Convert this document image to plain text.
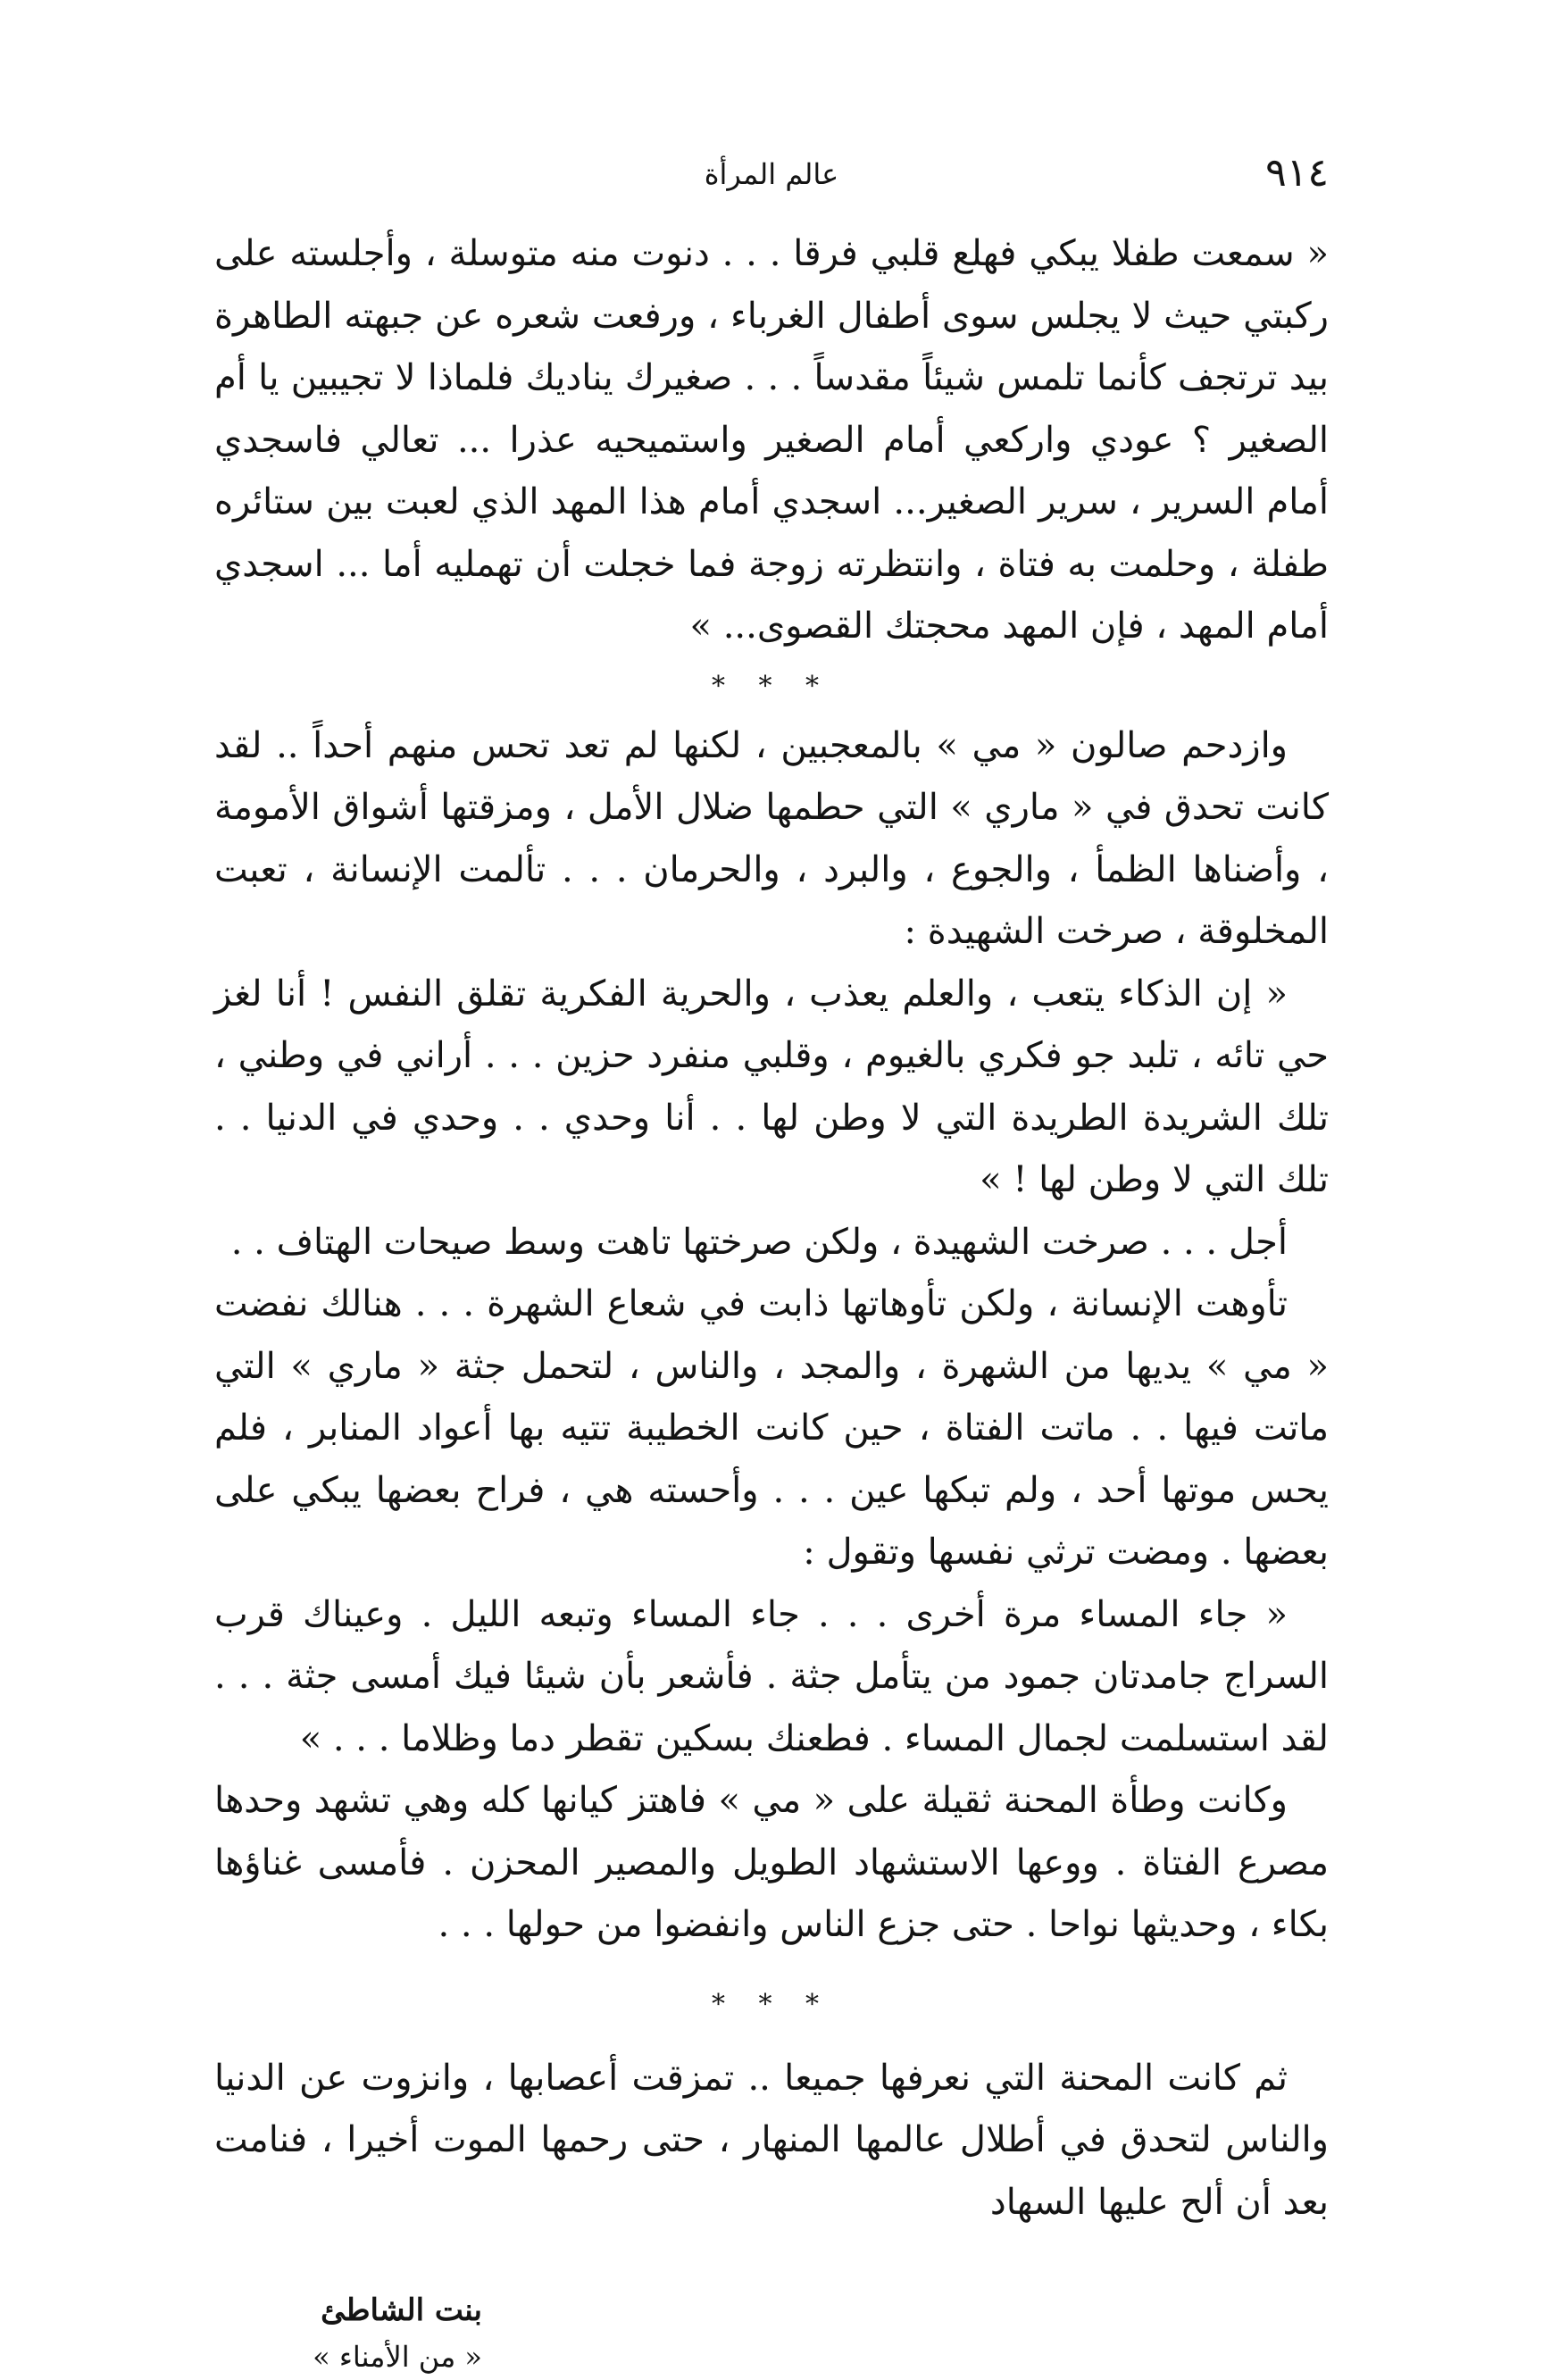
٩١٤
عالم المرأة

« سمعت طفلا يبكي فهلع قلبي فرقا . . . دنوت منه متوسلة ، وأجلسته على ركبتي حيث لا يجلس سوى أطفال الغرباء ، ورفعت شعره عن جبهته الطاهرة بيد ترتجف كأنما تلمس شيئاً مقدساً . . . صغيرك يناديك فلماذا لا تجيبين يا أم الصغير ؟ عودي واركعي أمام الصغير واستميحيه عذرا ... تعالي فاسجدي أمام السرير ، سرير الصغير... اسجدي أمام هذا المهد الذي لعبت بين ستائره طفلة ، وحلمت به فتاة ، وانتظرته زوجة فما خجلت أن تهمليه أما ... اسجدي أمام المهد ، فإن المهد محجتك القصوى... »

* * *

وازدحم صالون « مي » بالمعجبين ، لكنها لم تعد تحس منهم أحداً .. لقد كانت تحدق في « ماري » التي حطمها ضلال الأمل ، ومزقتها أشواق الأمومة ، وأضناها الظمأ ، والجوع ، والبرد ، والحرمان . . . تألمت الإنسانة ، تعبت المخلوقة ، صرخت الشهيدة :

« إن الذكاء يتعب ، والعلم يعذب ، والحرية الفكرية تقلق النفس ! أنا لغز حي تائه ، تلبد جو فكري بالغيوم ، وقلبي منفرد حزين . . . أراني في وطني ، تلك الشريدة الطريدة التي لا وطن لها . . أنا وحدي . . وحدي في الدنيا . . تلك التي لا وطن لها ! »

أجل . . . صرخت الشهيدة ، ولكن صرختها تاهت وسط صيحات الهتاف . .

تأوهت الإنسانة ، ولكن تأوهاتها ذابت في شعاع الشهرة . . . هنالك نفضت « مي » يديها من الشهرة ، والمجد ، والناس ، لتحمل جثة « ماري » التي ماتت فيها . . ماتت الفتاة ، حين كانت الخطيبة تتيه بها أعواد المنابر ، فلم يحس موتها أحد ، ولم تبكها عين . . . وأحسته هي ، فراح بعضها يبكي على بعضها . ومضت ترثي نفسها وتقول :

« جاء المساء مرة أخرى . . . جاء المساء وتبعه الليل . وعيناك قرب السراج جامدتان جمود من يتأمل جثة . فأشعر بأن شيئا فيك أمسى جثة . . . لقد استسلمت لجمال المساء . فطعنك بسكين تقطر دما وظلاما . . . »

وكانت وطأة المحنة ثقيلة على « مي » فاهتز كيانها كله وهي تشهد وحدها مصرع الفتاة . ووعها الاستشهاد الطويل والمصير المحزن . فأمسى غناؤها بكاء ، وحديثها نواحا . حتى جزع الناس وانفضوا من حولها . . .

* * *

ثم كانت المحنة التي نعرفها جميعا .. تمزقت أعصابها ، وانزوت عن الدنيا والناس لتحدق في أطلال عالمها المنهار ، حتى رحمها الموت أخيرا ، فنامت بعد أن ألح عليها السهاد

بنت الشاطئ
« من الأمناء »
